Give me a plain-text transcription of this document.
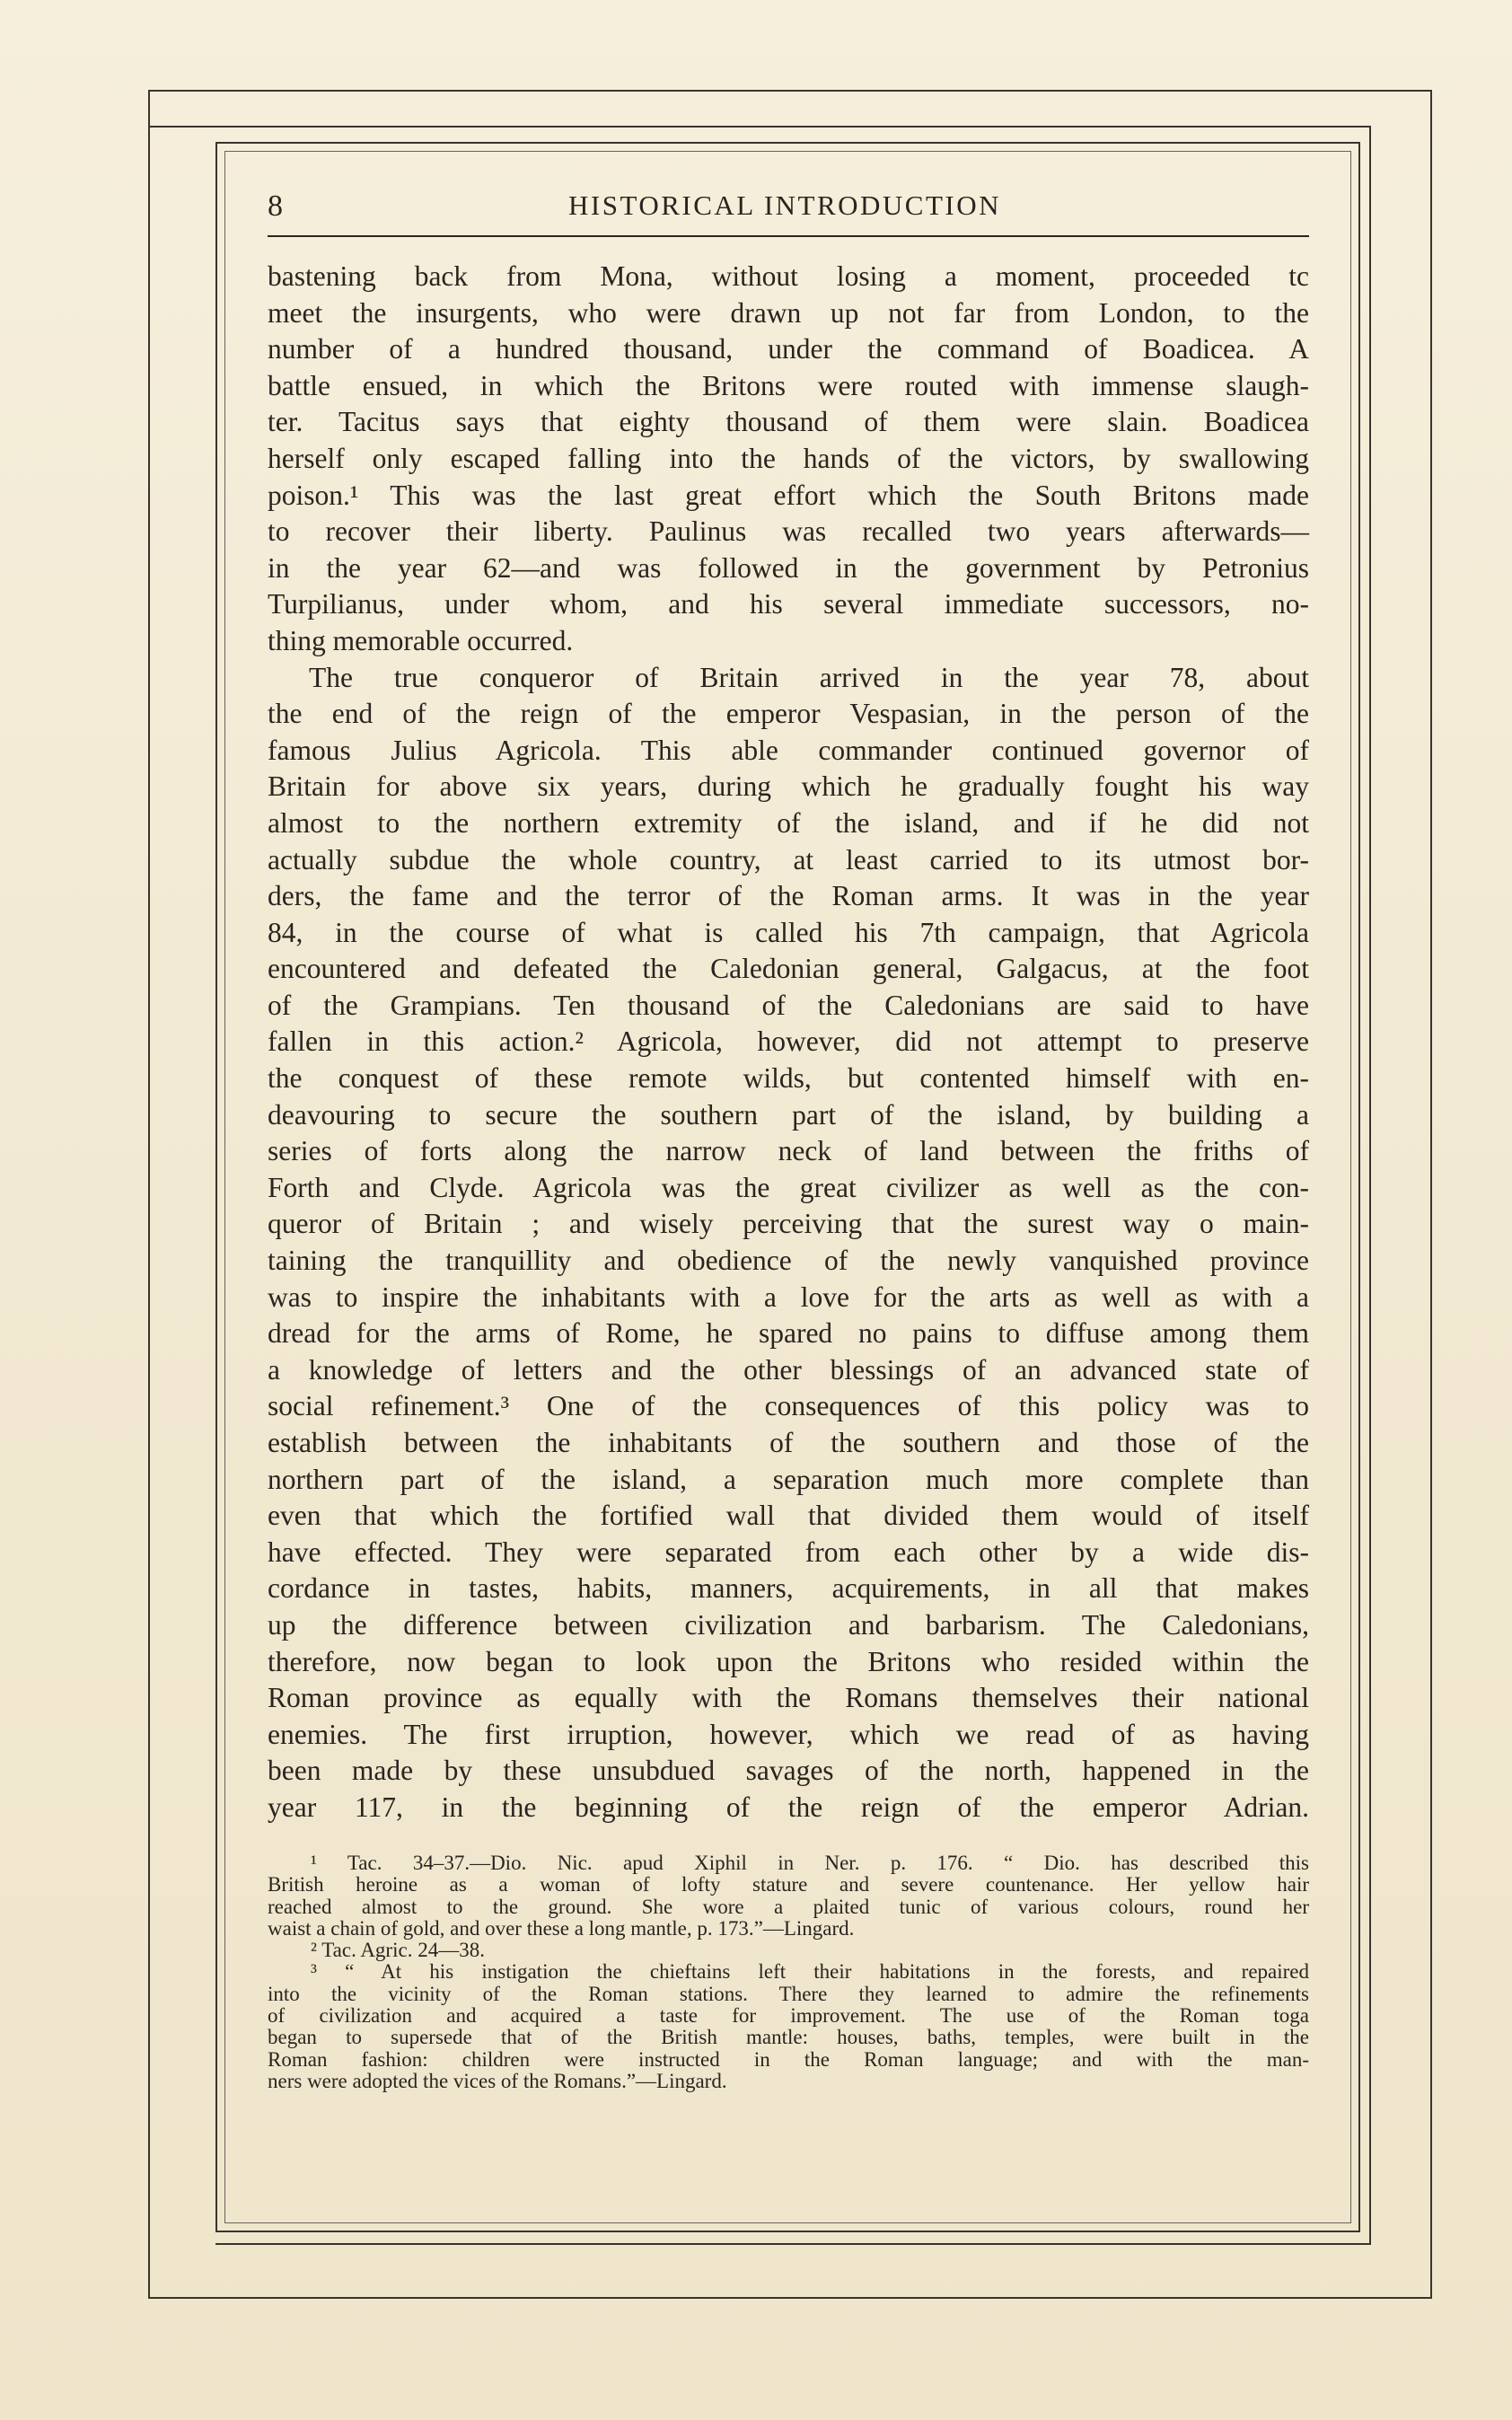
8	HISTORICAL INTRODUCTION
bastening back from Mona, without losing a moment, proceeded tc
meet the insurgents, who were drawn up not far from London, to the
number of a hundred thousand, under the command of Boadicea. A
battle ensued, in which the Britons were routed with immense slaugh-
ter. Tacitus says that eighty thousand of them were slain. Boadicea
herself only escaped falling into the hands of the victors, by swallowing
poison.¹ This was the last great effort which the South Britons made
to recover their liberty. Paulinus was recalled two years afterwards—
in the year 62—and was followed in the government by Petronius
Turpilianus, under whom, and his several immediate successors, no-
thing memorable occurred.
The true conqueror of Britain arrived in the year 78, about
the end of the reign of the emperor Vespasian, in the person of the
famous Julius Agricola. This able commander continued governor of
Britain for above six years, during which he gradually fought his way
almost to the northern extremity of the island, and if he did not
actually subdue the whole country, at least carried to its utmost bor-
ders, the fame and the terror of the Roman arms. It was in the year
84, in the course of what is called his 7th campaign, that Agricola
encountered and defeated the Caledonian general, Galgacus, at the foot
of the Grampians. Ten thousand of the Caledonians are said to have
fallen in this action.² Agricola, however, did not attempt to preserve
the conquest of these remote wilds, but contented himself with en-
deavouring to secure the southern part of the island, by building a
series of forts along the narrow neck of land between the friths of
Forth and Clyde. Agricola was the great civilizer as well as the con-
queror of Britain ; and wisely perceiving that the surest way o main-
taining the tranquillity and obedience of the newly vanquished province
was to inspire the inhabitants with a love for the arts as well as with a
dread for the arms of Rome, he spared no pains to diffuse among them
a knowledge of letters and the other blessings of an advanced state of
social refinement.³ One of the consequences of this policy was to
establish between the inhabitants of the southern and those of the
northern part of the island, a separation much more complete than
even that which the fortified wall that divided them would of itself
have effected. They were separated from each other by a wide dis-
cordance in tastes, habits, manners, acquirements, in all that makes
up the difference between civilization and barbarism. The Caledonians,
therefore, now began to look upon the Britons who resided within the
Roman province as equally with the Romans themselves their national
enemies. The first irruption, however, which we read of as having
been made by these unsubdued savages of the north, happened in the
year 117, in the beginning of the reign of the emperor Adrian.
¹ Tac. 34–37.—Dio. Nic. apud Xiphil in Ner. p. 176. “ Dio. has described this
British heroine as a woman of lofty stature and severe countenance. Her yellow hair
reached almost to the ground. She wore a plaited tunic of various colours, round her
waist a chain of gold, and over these a long mantle, p. 173.”—Lingard.
² Tac. Agric. 24—38.
³ “ At his instigation the chieftains left their habitations in the forests, and repaired
into the vicinity of the Roman stations. There they learned to admire the refinements
of civilization and acquired a taste for improvement. The use of the Roman toga
began to supersede that of the British mantle: houses, baths, temples, were built in the
Roman fashion: children were instructed in the Roman language; and with the man-
ners were adopted the vices of the Romans.”—Lingard.
